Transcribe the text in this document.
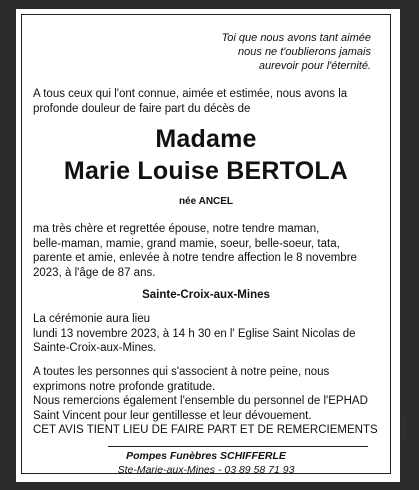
Toi que nous avons tant aimée
nous ne t'oublierons jamais
aurevoir pour l'éternité.
A tous ceux qui l'ont connue, aimée et estimée, nous avons la
profonde douleur de faire part du décès de
Madame
Marie Louise BERTOLA
née ANCEL
ma très chère et regrettée épouse, notre tendre maman,
belle-maman, mamie, grand mamie, soeur, belle-soeur, tata,
parente et amie, enlevée à notre tendre affection le 8 novembre
2023, à l'âge de 87 ans.
Sainte-Croix-aux-Mines
La cérémonie aura lieu
lundi 13 novembre 2023, à 14 h 30 en l' Eglise Saint Nicolas de
Sainte-Croix-aux-Mines.
A toutes les personnes qui s'associent à notre peine, nous
exprimons notre profonde gratitude.
Nous remercions également l'ensemble du personnel de l'EPHAD
Saint Vincent pour leur gentillesse et leur dévouement.
CET AVIS TIENT LIEU DE FAIRE PART ET DE REMERCIEMENTS
Pompes Funèbres SCHIFFERLE
Ste-Marie-aux-Mines - 03 89 58 71 93
9986621/7
